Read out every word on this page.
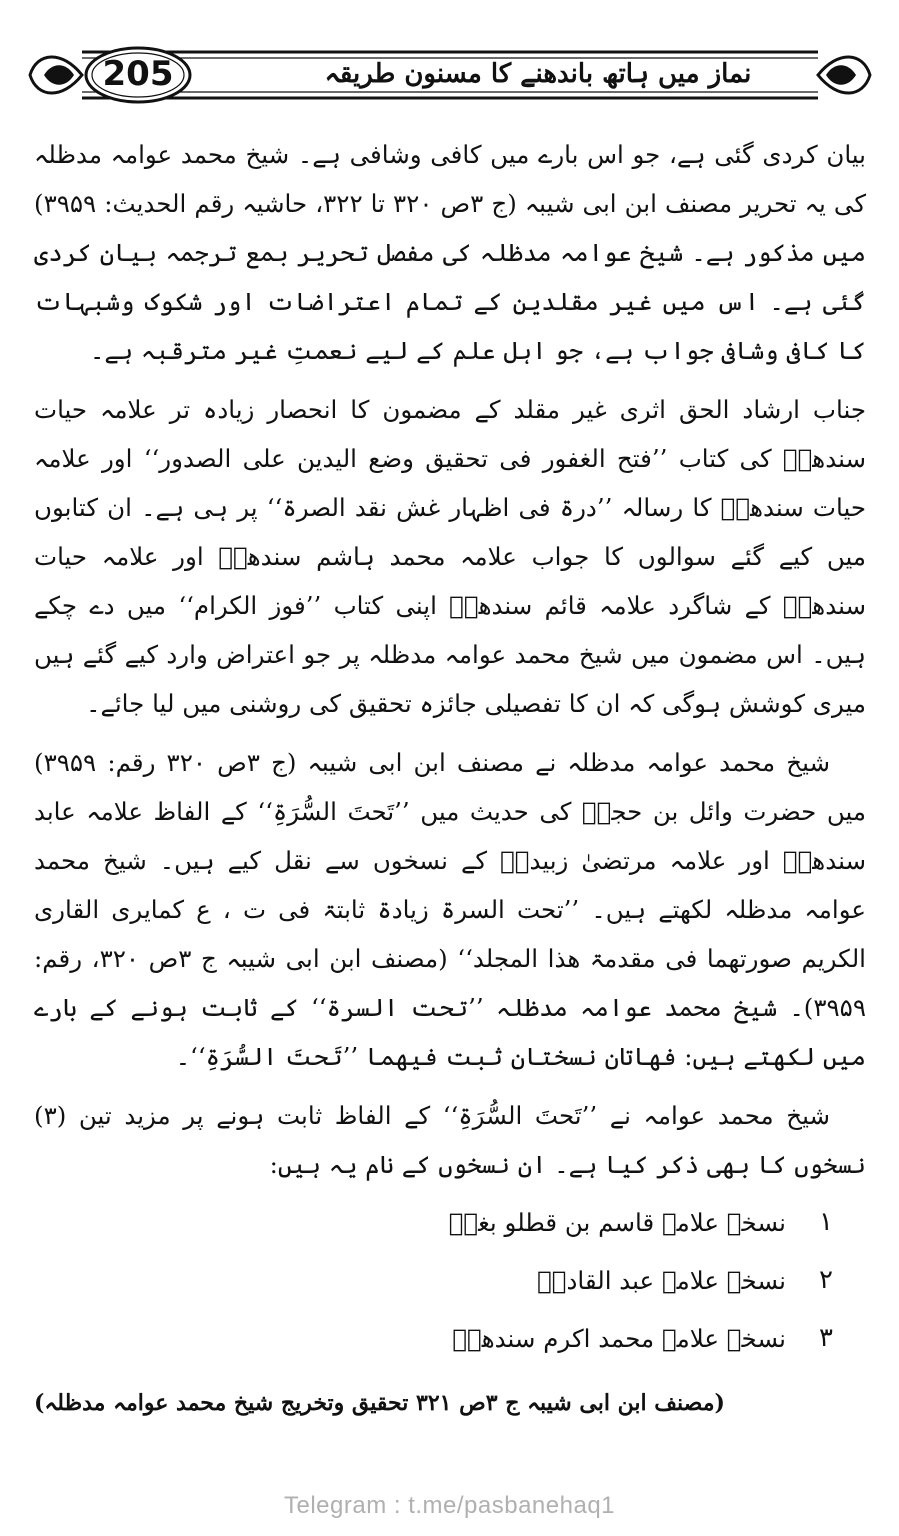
205	نماز میں ہاتھ باندھنے کا مسنون طریقہ

بیان کردی گئی ہے، جو اس بارے میں کافی وشافی ہے۔ شیخ محمد عوامہ مدظلہ کی یہ تحریر مصنف ابن ابی شیبہ (ج ۳ص ۳۲۰ تا ۳۲۲، حاشیہ رقم الحدیث: ۳۹۵۹) میں مذکور ہے۔ شیخ عوامہ مدظلہ کی مفصل تحریر بمع ترجمہ بیان کردی گئی ہے۔ اس میں غیر مقلدین کے تمام اعتراضات اور شکوک وشبہات کا کافی وشافی جواب ہے، جو اہل علم کے لیے نعمتِ غیر مترقبہ ہے۔

جناب ارشاد الحق اثری غیر مقلد کے مضمون کا انحصار زیادہ تر علامہ حیات سندھیؒ کی کتاب ’’فتح الغفور فی تحقیق وضع الیدین علی الصدور‘‘ اور علامہ حیات سندھیؒ کا رسالہ ’’درۃ فی اظہار غش نقد الصرۃ‘‘ پر ہی ہے۔ ان کتابوں میں کیے گئے سوالوں کا جواب علامہ محمد ہاشم سندھیؒ اور علامہ حیات سندھیؒ کے شاگرد علامہ قائم سندھیؒ اپنی کتاب ’’فوز الکرام‘‘ میں دے چکے ہیں۔ اس مضمون میں شیخ محمد عوامہ مدظلہ پر جو اعتراض وارد کیے گئے ہیں میری کوشش ہوگی کہ ان کا تفصیلی جائزہ تحقیق کی روشنی میں لیا جائے۔

شیخ محمد عوامہ مدظلہ نے مصنف ابن ابی شیبہ (ج ۳ص ۳۲۰ رقم: ۳۹۵۹) میں حضرت وائل بن حجرؓ کی حدیث میں ’’تَحتَ السُّرَۃِ‘‘ کے الفاظ علامہ عابد سندھیؒ اور علامہ مرتضیٰ زبیدیؒ کے نسخوں سے نقل کیے ہیں۔ شیخ محمد عوامہ مدظلہ لکھتے ہیں۔ ’’تحت السرۃ زیادۃ ثابتۃ فی ت ، ع کمایری القاری الکریم صورتھما فی مقدمۃ ھذا المجلد‘‘ (مصنف ابن ابی شیبہ ج ۳ص ۳۲۰، رقم: ۳۹۵۹)۔ شیخ محمد عوامہ مدظلہ ’’تحت السرۃ‘‘ کے ثابت ہونے کے بارے میں لکھتے ہیں: فھاتان نسختان ثبت فیھما ’’تَحتَ السُّرَۃِ‘‘۔

شیخ محمد عوامہ نے ’’تَحتَ السُّرَۃِ‘‘ کے الفاظ ثابت ہونے پر مزید تین (۳) نسخوں کا بھی ذکر کیا ہے۔ ان نسخوں کے نام یہ ہیں:

۱
نسخہ علامہ قاسم بن قطلو بغاؒ
۲
نسخہ علامہ عبد القادرؒ
۳
نسخہ علامہ محمد اکرم سندھیؒ
(مصنف ابن ابی شیبہ ج ۳ص ۳۲۱ تحقیق وتخریج شیخ محمد عوامہ مدظلہ)
Telegram : t.me/pasbanehaq1
